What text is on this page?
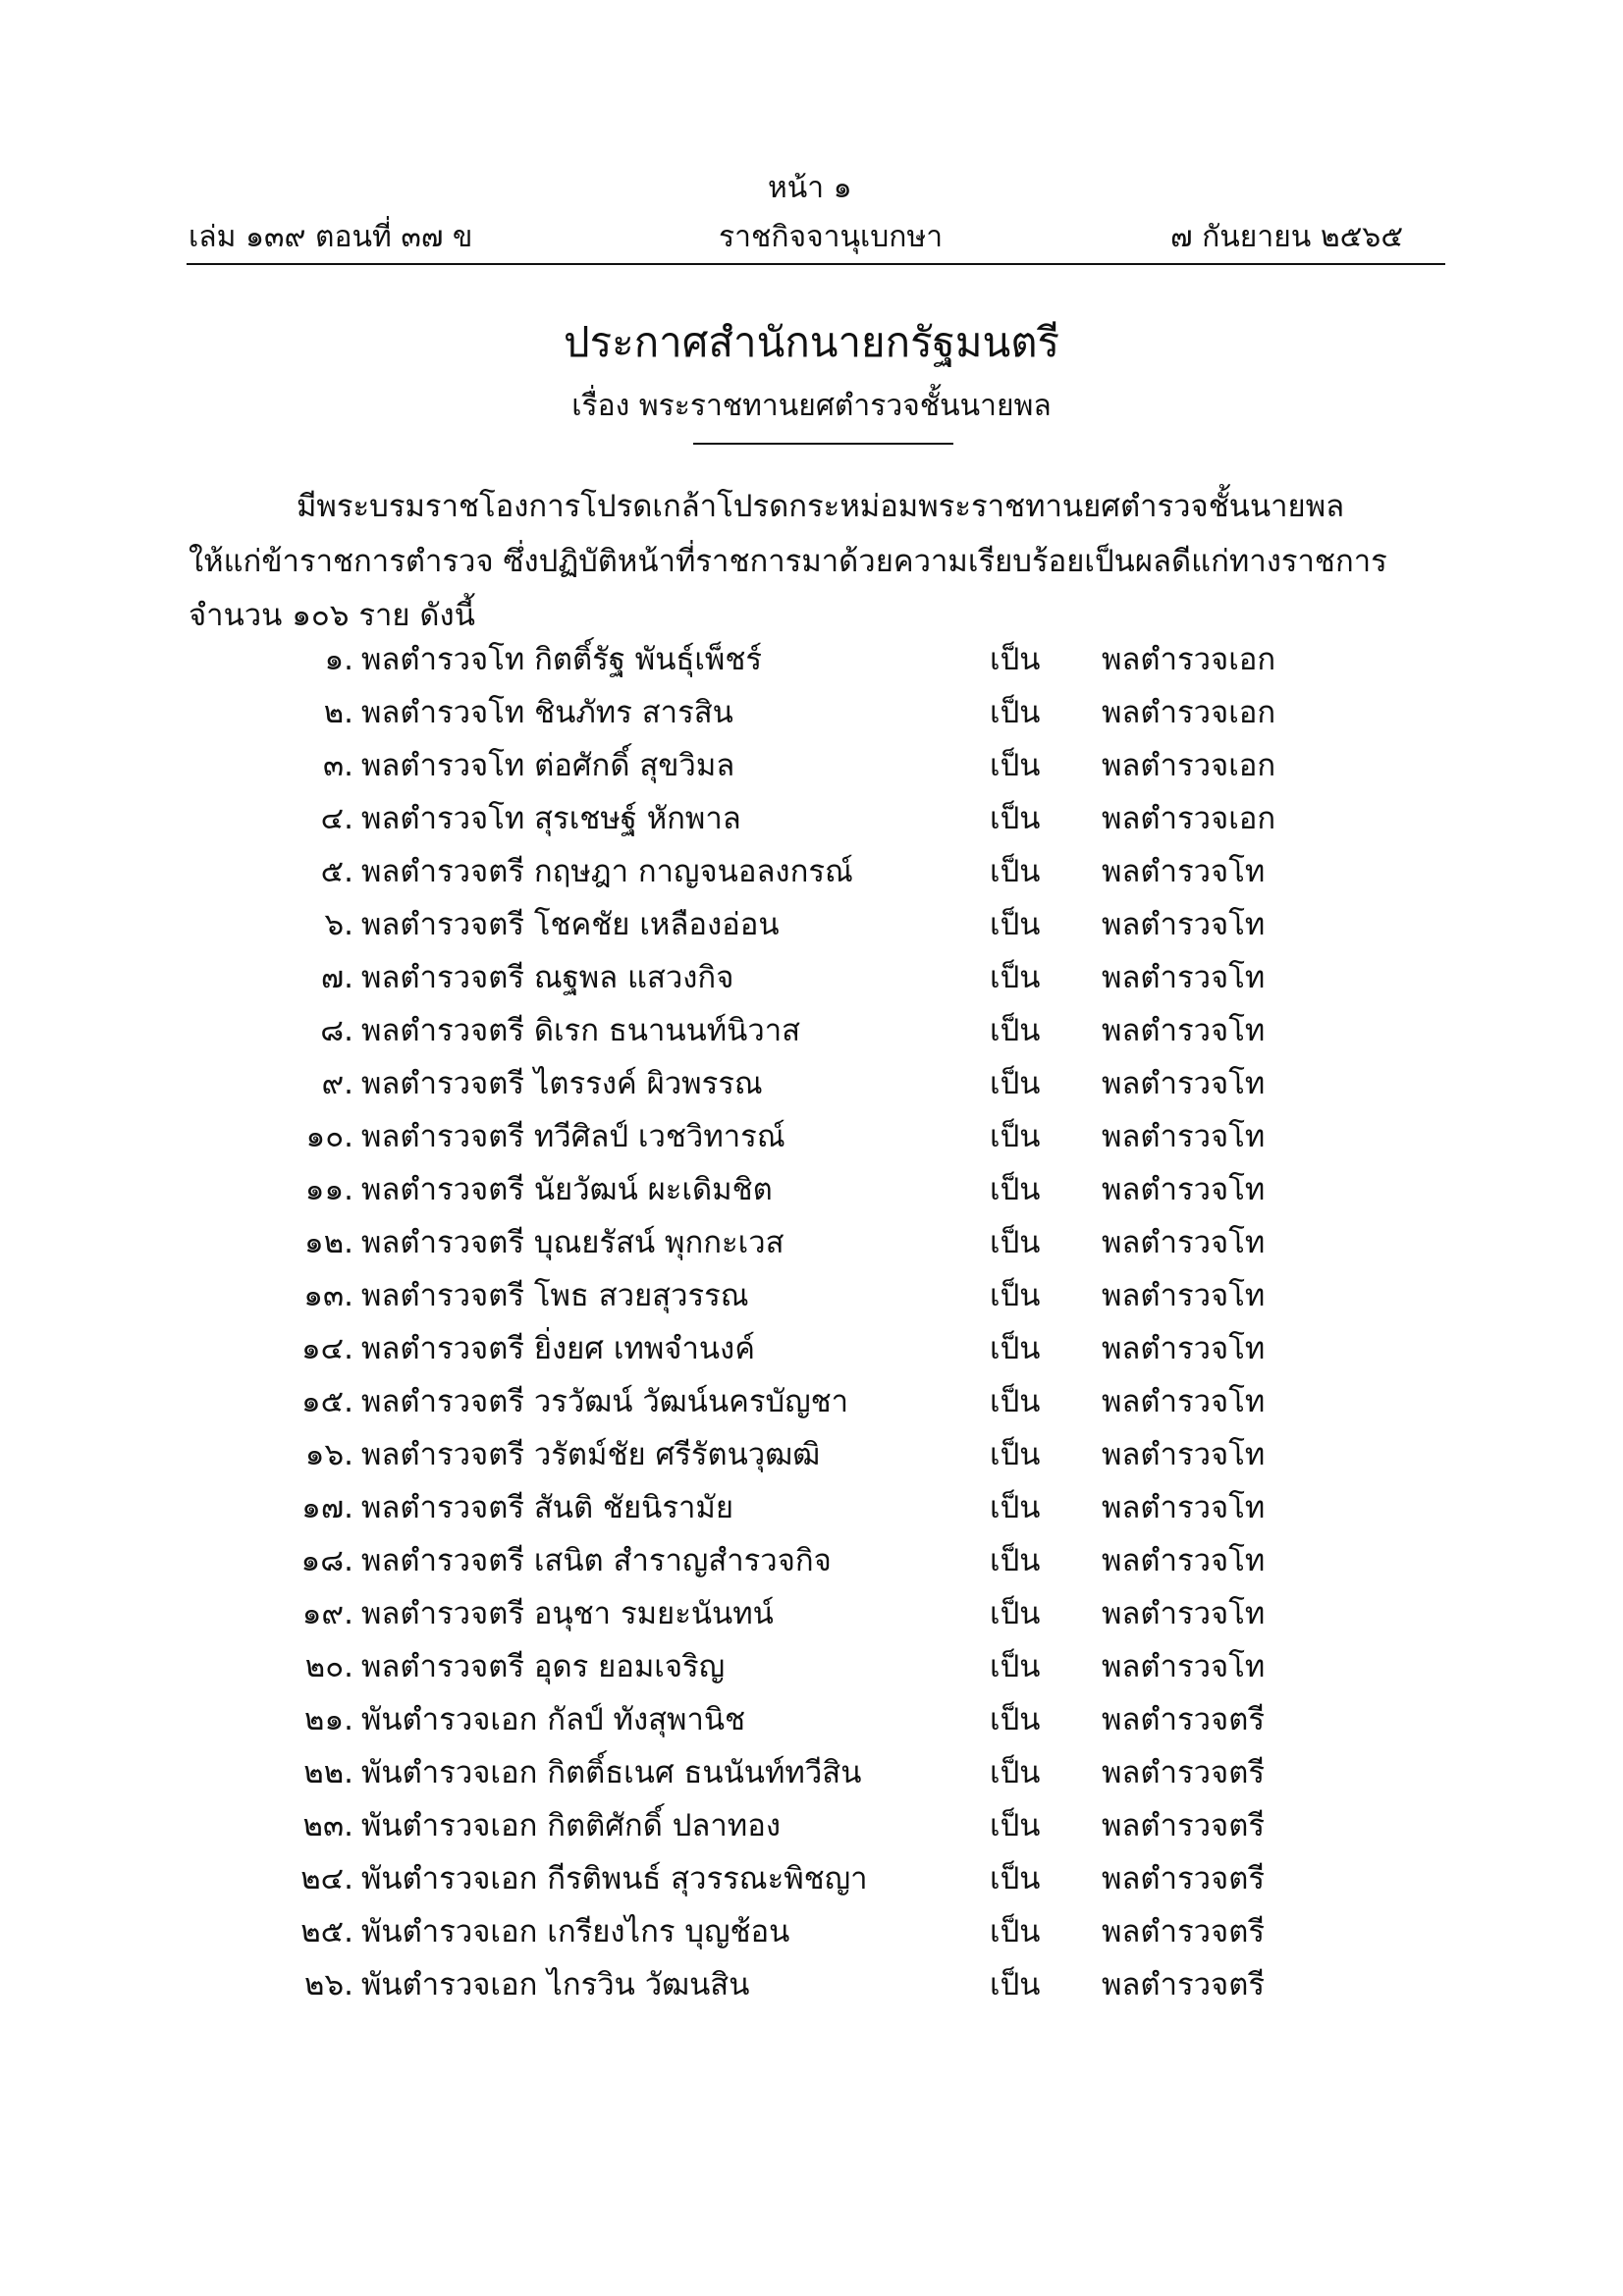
หน้า ๑
เล่ม ๑๓๙ ตอนที่ ๓๗ ข	ราชกิจจานุเบกษา	๗ กันยายน ๒๕๖๕
ประกาศสำนักนายกรัฐมนตรี
เรื่อง พระราชทานยศตำรวจชั้นนายพล
มีพระบรมราชโองการโปรดเกล้าโปรดกระหม่อมพระราชทานยศตำรวจชั้นนายพล
ให้แก่ข้าราชการตำรวจ ซึ่งปฏิบัติหน้าที่ราชการมาด้วยความเรียบร้อยเป็นผลดีแก่ทางราชการ
จำนวน ๑๐๖ ราย ดังนี้
๑. พลตำรวจโท กิตติ์รัฐ พันธุ์เพ็ชร์	เป็น พลตำรวจเอก
๒. พลตำรวจโท ชินภัทร สารสิน	เป็น พลตำรวจเอก
๓. พลตำรวจโท ต่อศักดิ์ สุขวิมล	เป็น พลตำรวจเอก
๔. พลตำรวจโท สุรเชษฐ์ หักพาล	เป็น พลตำรวจเอก
๕. พลตำรวจตรี กฤษฎา กาญจนอลงกรณ์	เป็น พลตำรวจโท
๖. พลตำรวจตรี โชคชัย เหลืองอ่อน	เป็น พลตำรวจโท
๗. พลตำรวจตรี ณฐพล แสวงกิจ	เป็น พลตำรวจโท
๘. พลตำรวจตรี ดิเรก ธนานนท์นิวาส	เป็น พลตำรวจโท
๙. พลตำรวจตรี ไตรรงค์ ผิวพรรณ	เป็น พลตำรวจโท
๑๐. พลตำรวจตรี ทวีศิลป์ เวชวิทารณ์	เป็น พลตำรวจโท
๑๑. พลตำรวจตรี นัยวัฒน์ ผะเดิมชิต	เป็น พลตำรวจโท
๑๒. พลตำรวจตรี บุณยรัสน์ พุกกะเวส	เป็น พลตำรวจโท
๑๓. พลตำรวจตรี โพธ สวยสุวรรณ	เป็น พลตำรวจโท
๑๔. พลตำรวจตรี ยิ่งยศ เทพจำนงค์	เป็น พลตำรวจโท
๑๕. พลตำรวจตรี วรวัฒน์ วัฒน์นครบัญชา	เป็น พลตำรวจโท
๑๖. พลตำรวจตรี วรัตม์ชัย ศรีรัตนวุฒฒิ	เป็น พลตำรวจโท
๑๗. พลตำรวจตรี สันติ ชัยนิรามัย	เป็น พลตำรวจโท
๑๘. พลตำรวจตรี เสนิต สำราญสำรวจกิจ	เป็น พลตำรวจโท
๑๙. พลตำรวจตรี อนุชา รมยะนันทน์	เป็น พลตำรวจโท
๒๐. พลตำรวจตรี อุดร ยอมเจริญ	เป็น พลตำรวจโท
๒๑. พันตำรวจเอก กัลป์ ทังสุพานิช	เป็น พลตำรวจตรี
๒๒. พันตำรวจเอก กิตติ์ธเนศ ธนนันท์ทวีสิน	เป็น พลตำรวจตรี
๒๓. พันตำรวจเอก กิตติศักดิ์ ปลาทอง	เป็น พลตำรวจตรี
๒๔. พันตำรวจเอก กีรติพนธ์ สุวรรณะพิชญา	เป็น พลตำรวจตรี
๒๕. พันตำรวจเอก เกรียงไกร บุญช้อน	เป็น พลตำรวจตรี
๒๖. พันตำรวจเอก ไกรวิน วัฒนสิน	เป็น พลตำรวจตรี
